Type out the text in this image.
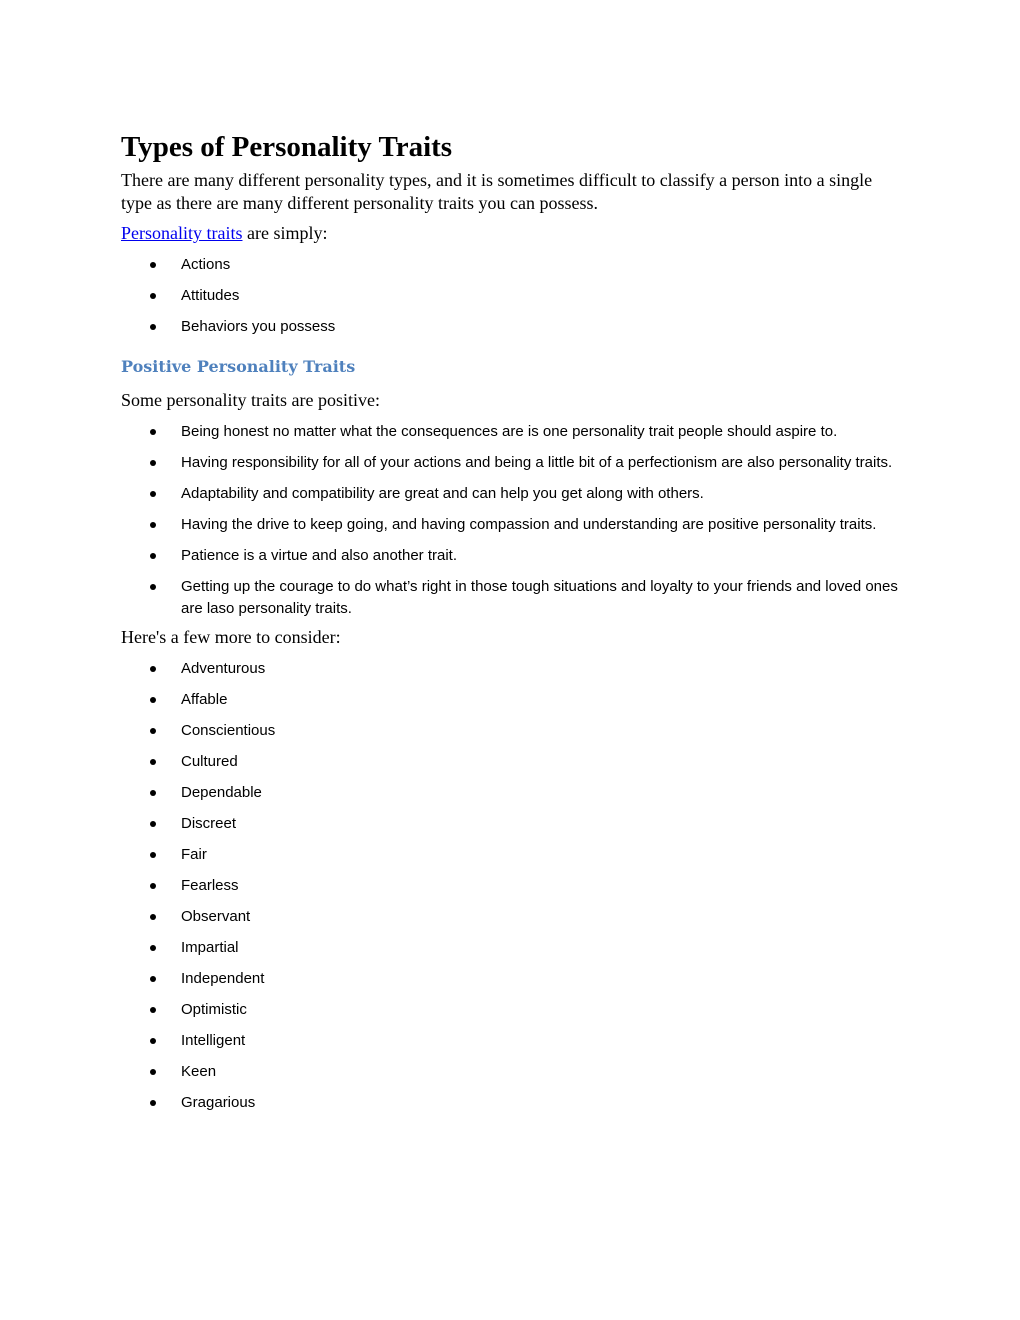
Types of Personality Traits

There are many different personality types, and it is sometimes difficult to classify a person into a single type as there are many different personality traits you can possess.

Personality traits are simply:

Actions
Attitudes
Behaviors you possess
Positive Personality Traits

Some personality traits are positive:

Being honest no matter what the consequences are is one personality trait people should aspire to.
Having responsibility for all of your actions and being a little bit of a perfectionism are also personality traits.
Adaptability and compatibility are great and can help you get along with others.
Having the drive to keep going, and having compassion and understanding are positive personality traits.
Patience is a virtue and also another trait.
Getting up the courage to do what’s right in those tough situations and loyalty to your friends and loved ones are laso personality traits.

Here's a few more to consider:

Adventurous
Affable
Conscientious
Cultured
Dependable
Discreet
Fair
Fearless
Observant
Impartial
Independent
Optimistic
Intelligent
Keen
Gragarious
